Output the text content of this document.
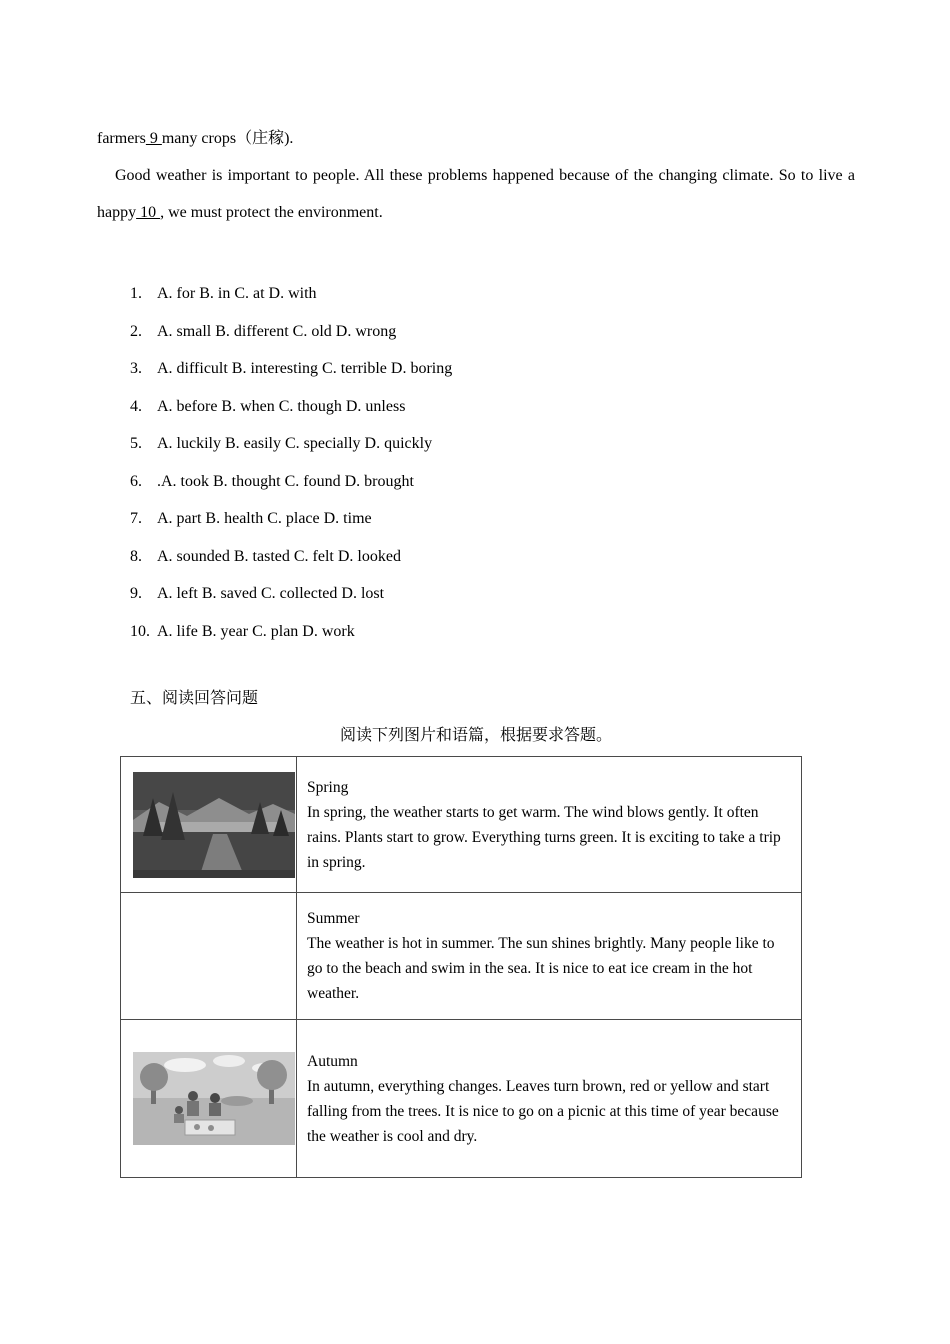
farmers 9 many crops（庄稼).

Good weather is important to people. All these problems happened because of the changing climate. So to live a happy 10 , we must protect the environment.

1. A. for B. in C. at D. with
2. A. small B. different C. old D. wrong
3. A. difficult B. interesting C. terrible D. boring
4. A. before B. when C. though D. unless
5. A. luckily B. easily C. specially D. quickly
6. .A. took B. thought C. found D. brought
7. A. part B. health C. place D. time
8. A. sounded B. tasted C. felt D. looked
9. A. left B. saved C. collected D. lost
10. A. life B. year C. plan D. work

五、阅读回答问题

阅读下列图片和语篇，根据要求答题。

Spring
In spring, the weather starts to get warm. The wind blows gently. It often rains. Plants start to grow. Everything turns green. It is exciting to take a trip in spring.

	Summer
The weather is hot in summer. The sun shines brightly. Many people like to go to the beach and swim in the sea. It is nice to eat ice cream in the hot weather.

Autumn
In autumn, everything changes. Leaves turn brown, red or yellow and start falling from the trees. It is nice to go on a picnic at this time of year because the weather is cool and dry.
